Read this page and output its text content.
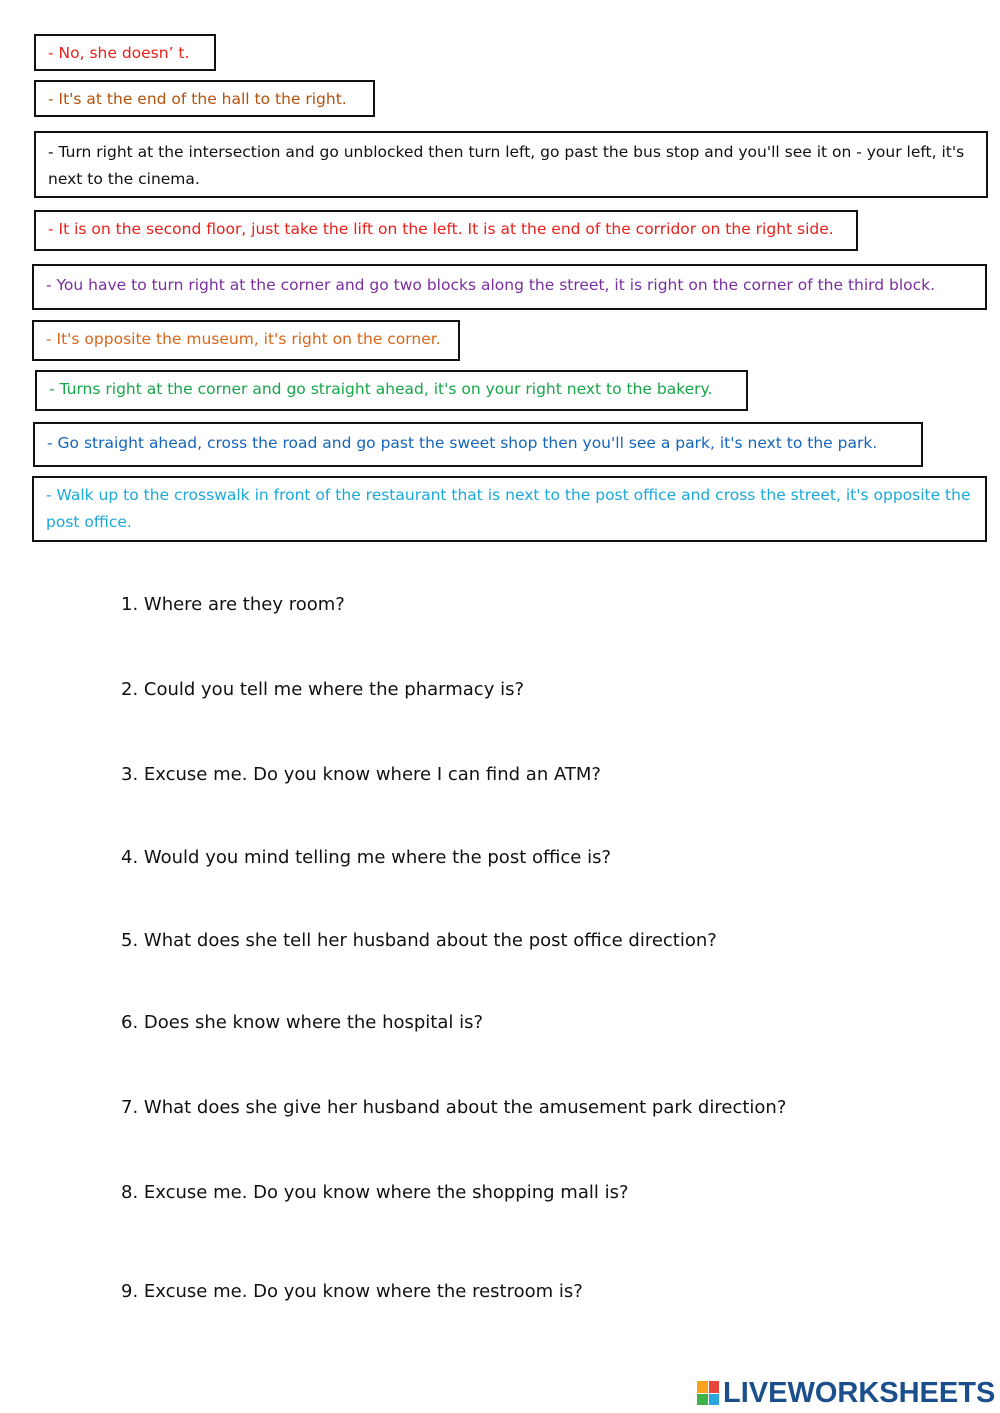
- No, she doesn’ t.
- It's at the end of the hall to the right.
- Turn right at the intersection and go unblocked then turn left, go past the bus stop and you'll see it on - your left, it's next to the cinema.
- It is on the second floor, just take the lift on the left. It is at the end of the corridor on the right side.
- You have to turn right at the corner and go two blocks along the street, it is right on the corner of the third block.
- It's opposite the museum, it's right on the corner.
- Turns right at the corner and go straight ahead, it's on your right next to the bakery.
- Go straight ahead, cross the road and go past the sweet shop then you'll see a park, it's next to the park.
- Walk up to the crosswalk in front of the restaurant that is next to the post office and cross the street, it's opposite the post office.
1. Where are they room?
2. Could you tell me where the pharmacy is?
3. Excuse me. Do you know where I can find an ATM?
4. Would you mind telling me where the post office is?
5. What does she tell her husband about the post office direction?
6. Does she know where the hospital is?
7. What does she give her husband about the amusement park direction?
8. Excuse me. Do you know where the shopping mall is?
9. Excuse me. Do you know where the restroom is?
LIVEWORKSHEETS
